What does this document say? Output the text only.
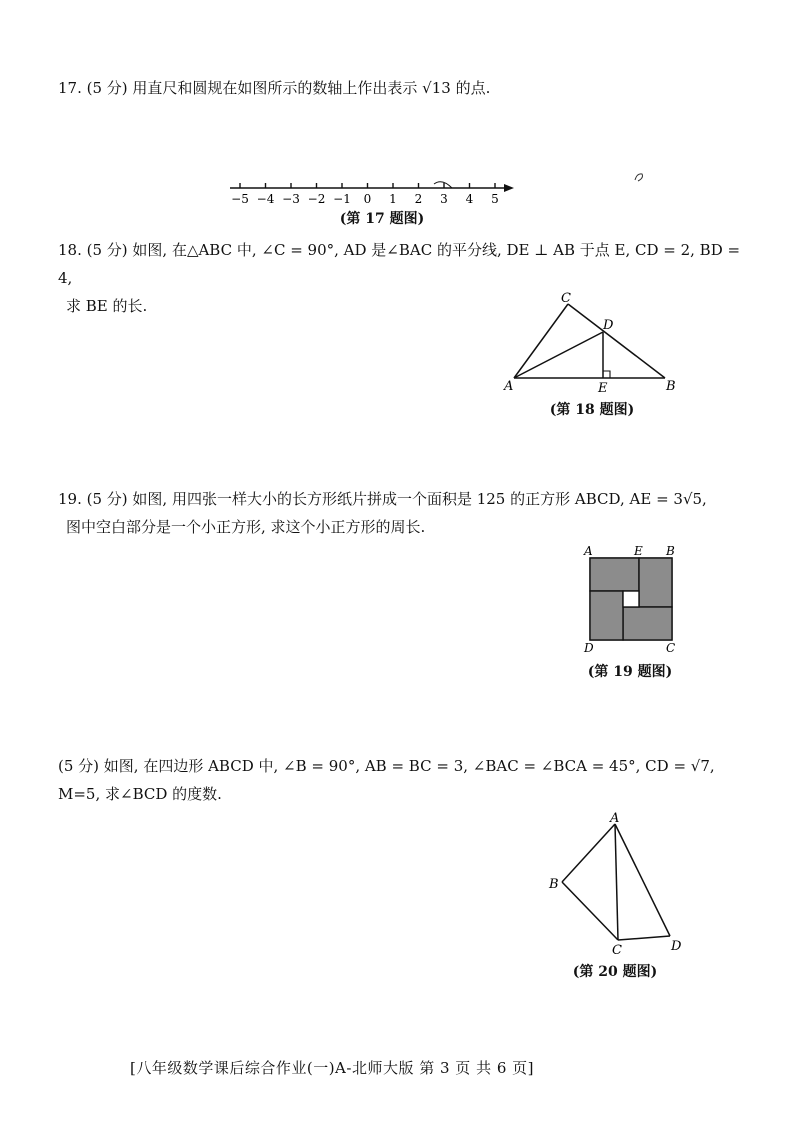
17. (5 分) 用直尺和圆规在如图所示的数轴上作出表示 √13 的点.

−5 −4 −3 −2 −1 0 1 2 3 4 5
(第 17 题图)

18. (5 分) 如图, 在△ABC 中, ∠C = 90°, AD 是∠BAC 的平分线, DE ⊥ AB 于点 E, CD = 2, BD = 4,

求 BE 的长.

A	B
C
D
E
(第 18 题图)

19. (5 分) 如图, 用四张一样大小的长方形纸片拼成一个面积是 125 的正方形 ABCD, AE = 3√5,

图中空白部分是一个小正方形, 求这个小正方形的周长.

A	E B
D	C
(第 19 题图)

(5 分) 如图, 在四边形 ABCD 中, ∠B = 90°, AB = BC = 3, ∠BAC = ∠BCA = 45°, CD = √7,

M=5, 求∠BCD 的度数.

A
B
C	D
(第 20 题图)
[八年级数学课后综合作业(一)A-北师大版 第 3 页 共 6 页]
